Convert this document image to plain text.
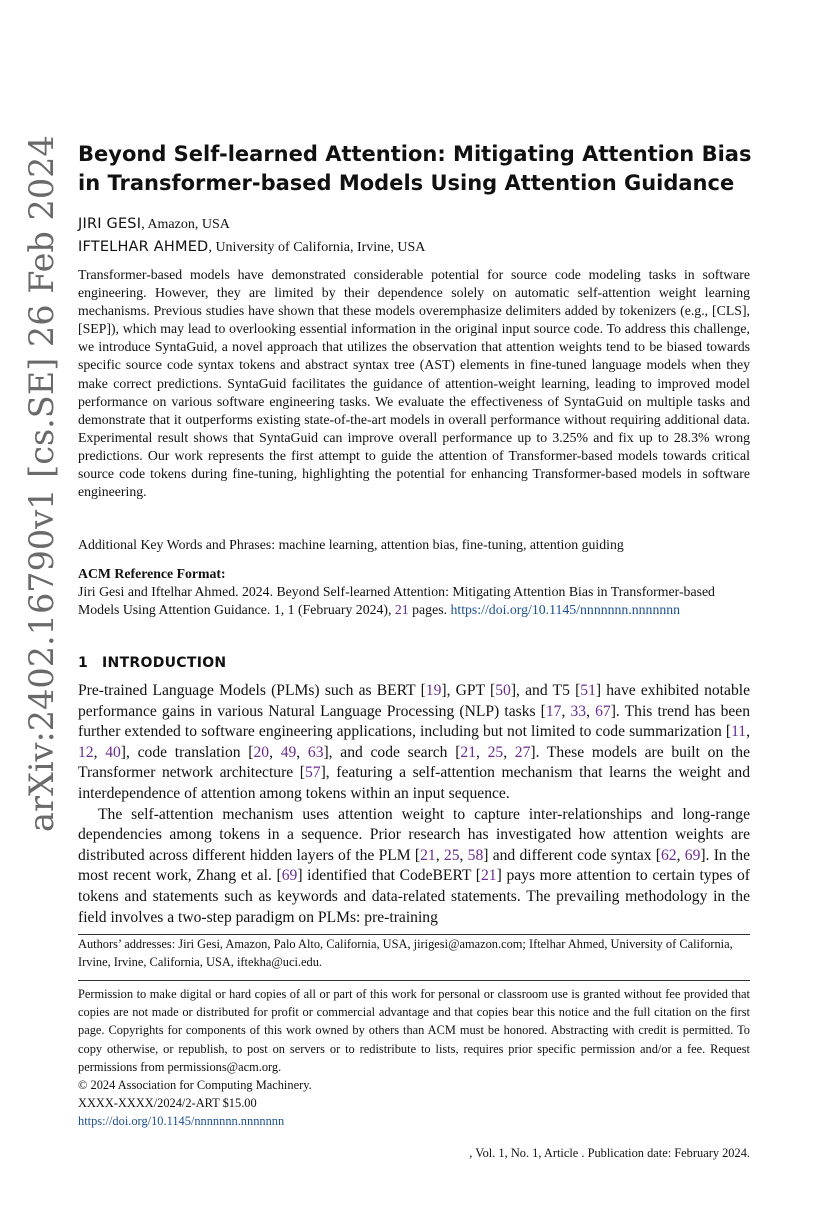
arXiv:2402.16790v1 [cs.SE] 26 Feb 2024 Beyond Self-learned Attention: Mitigating Attention Bias in Transformer-based Models Using Attention Guidance
JIRI GESI, Amazon, USA
IFTELHAR AHMED, University of California, Irvine, USA

Transformer-based models have demonstrated considerable potential for source code modeling tasks in software engineering. However, they are limited by their dependence solely on automatic self-attention weight learning mechanisms. Previous studies have shown that these models overemphasize delimiters added by tokenizers (e.g., [CLS], [SEP]), which may lead to overlooking essential information in the original input source code. To address this challenge, we introduce SyntaGuid, a novel approach that utilizes the observation that attention weights tend to be biased towards specific source code syntax tokens and abstract syntax tree (AST) elements in fine-tuned language models when they make correct predictions. SyntaGuid facilitates the guidance of attention-weight learning, leading to improved model performance on various software engineering tasks. We evaluate the effectiveness of SyntaGuid on multiple tasks and demonstrate that it outperforms existing state-of-the-art models in overall performance without requiring additional data. Experimental result shows that SyntaGuid can improve overall performance up to 3.25% and fix up to 28.3% wrong predictions. Our work represents the first attempt to guide the attention of Transformer-based models towards critical source code tokens during fine-tuning, highlighting the potential for enhancing Transformer-based models in software engineering.

Additional Key Words and Phrases: machine learning, attention bias, fine-tuning, attention guiding

ACM Reference Format:
Jiri Gesi and Iftelhar Ahmed. 2024. Beyond Self-learned Attention: Mitigating Attention Bias in Transformer-based Models Using Attention Guidance. 1, 1 (February 2024), 21 pages. https://doi.org/10.1145/nnnnnnn.nnnnnnn

1 INTRODUCTION

Pre-trained Language Models (PLMs) such as BERT [19], GPT [50], and T5 [51] have exhibited notable performance gains in various Natural Language Processing (NLP) tasks [17, 33, 67]. This trend has been further extended to software engineering applications, including but not limited to code summarization [11, 12, 40], code translation [20, 49, 63], and code search [21, 25, 27]. These models are built on the Transformer network architecture [57], featuring a self-attention mechanism that learns the weight and interdependence of attention among tokens within an input sequence.

The self-attention mechanism uses attention weight to capture inter-relationships and long-range dependencies among tokens in a sequence. Prior research has investigated how attention weights are distributed across different hidden layers of the PLM [21, 25, 58] and different code syntax [62, 69]. In the most recent work, Zhang et al. [69] identified that CodeBERT [21] pays more attention to certain types of tokens and statements such as keywords and data-related statements. The prevailing methodology in the field involves a two-step paradigm on PLMs: pre-training

Authors’ addresses: Jiri Gesi, Amazon, Palo Alto, California, USA, jirigesi@amazon.com; Iftelhar Ahmed, University of California, Irvine, Irvine, California, USA, iftekha@uci.edu.

Permission to make digital or hard copies of all or part of this work for personal or classroom use is granted without fee provided that copies are not made or distributed for profit or commercial advantage and that copies bear this notice and the full citation on the first page. Copyrights for components of this work owned by others than ACM must be honored. Abstracting with credit is permitted. To copy otherwise, or republish, to post on servers or to redistribute to lists, requires prior specific permission and/or a fee. Request permissions from permissions@acm.org.
© 2024 Association for Computing Machinery.
XXXX-XXXX/2024/2-ART $15.00
https://doi.org/10.1145/nnnnnnn.nnnnnnn
, Vol. 1, No. 1, Article . Publication date: February 2024.
